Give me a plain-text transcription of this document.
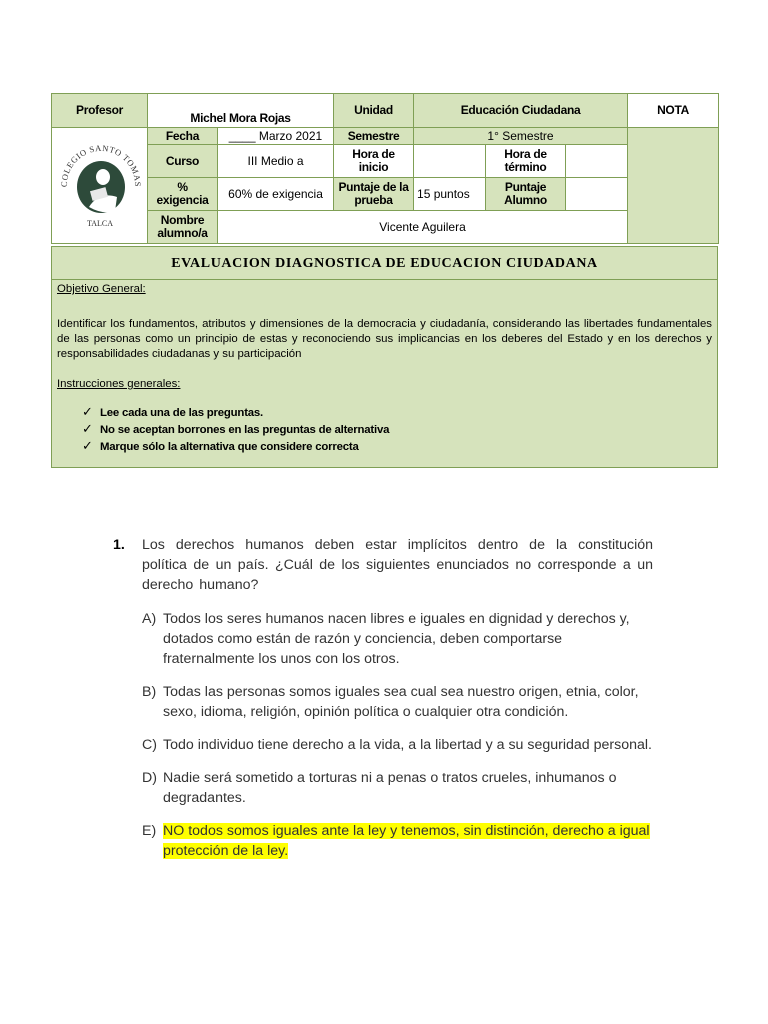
Profesor	Michel Mora Rojas		Unidad	Educación Ciudadana			NOTA

COLEGIO SANTO TOMAS
TALCA	Fecha	____ Marzo 2021	Semestre	1° Semestre			
	Curso	III Medio a	Hora de inicio		Hora de término		
	% exigencia	60% de exigencia	Puntaje de la prueba	15 puntos	Puntaje Alumno		
	Nombre alumno/a	Vicente Aguilera					
EVALUACION DIAGNOSTICA DE EDUCACION CIUDADANA
Objetivo General:
Identificar los fundamentos, atributos y dimensiones de la democracia y ciudadanía, considerando las libertades fundamentales de las personas como un principio de estas y reconociendo sus implicancias en los deberes del Estado y en los derechos y responsabilidades ciudadanas y su participación
Instrucciones generales:
✓ Lee cada una de las preguntas.
✓ No se aceptan borrones en las preguntas de alternativa
✓ Marque sólo la alternativa que considere correcta
1. Los derechos humanos deben estar implícitos dentro de la constitución política de un país. ¿Cuál de los siguientes enunciados no corresponde a un derecho humano?
A) Todos los seres humanos nacen libres e iguales en dignidad y derechos y, dotados como están de razón y conciencia, deben comportarse fraternalmente los unos con los otros.
B) Todas las personas somos iguales sea cual sea nuestro origen, etnia, color, sexo, idioma, religión, opinión política o cualquier otra condición.
C) Todo individuo tiene derecho a la vida, a la libertad y a su seguridad personal.
D) Nadie será sometido a torturas ni a penas o tratos crueles, inhumanos o degradantes.
E) NO todos somos iguales ante la ley y tenemos, sin distinción, derecho a igual protección de la ley.
